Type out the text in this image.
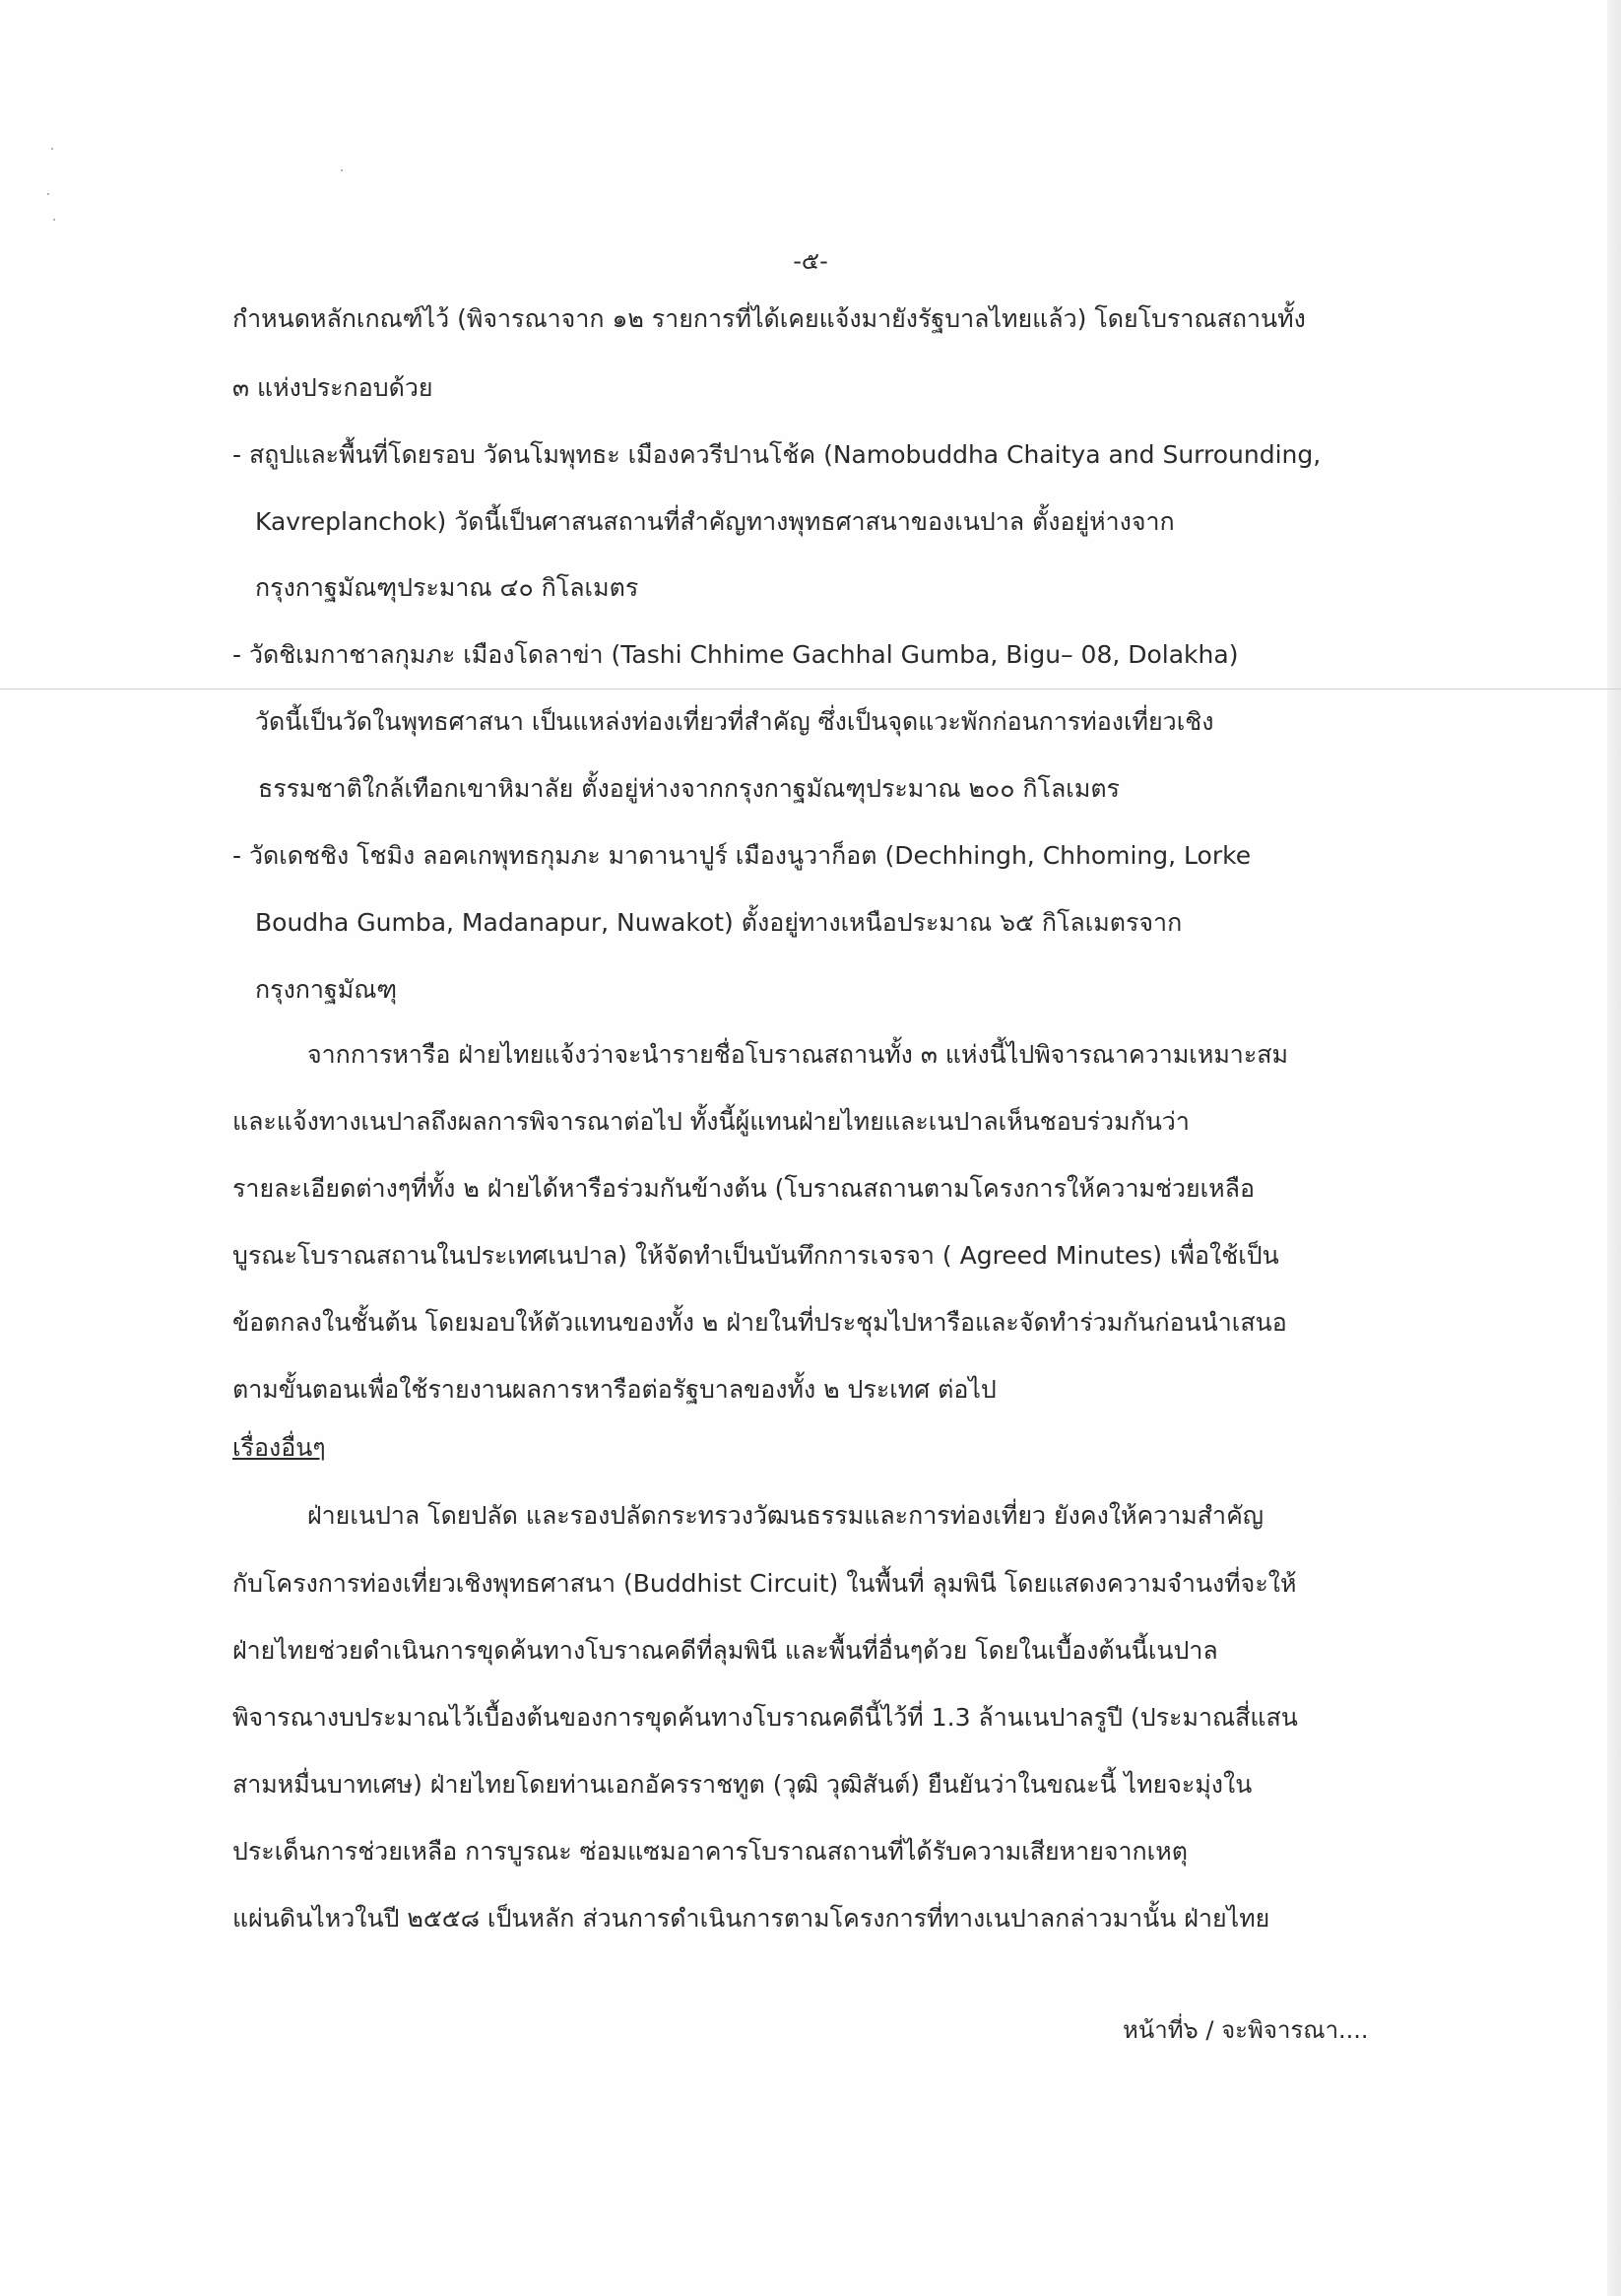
-๕-
กำหนดหลักเกณฑ์ไว้ (พิจารณาจาก ๑๒ รายการที่ได้เคยแจ้งมายังรัฐบาลไทยแล้ว) โดยโบราณสถานทั้ง
๓ แห่งประกอบด้วย
- สถูปและพื้นที่โดยรอบ วัดนโมพุทธะ เมืองควรีปานโช้ค (Namobuddha Chaitya and Surrounding,
Kavreplanchok) วัดนี้เป็นศาสนสถานที่สำคัญทางพุทธศาสนาของเนปาล ตั้งอยู่ห่างจาก
กรุงกาฐมัณฑุประมาณ ๔๐ กิโลเมตร
- วัดชิเมกาชาลกุมภะ เมืองโดลาข่า (Tashi Chhime Gachhal Gumba, Bigu– 08, Dolakha)
วัดนี้เป็นวัดในพุทธศาสนา เป็นแหล่งท่องเที่ยวที่สำคัญ ซึ่งเป็นจุดแวะพักก่อนการท่องเที่ยวเชิง
ธรรมชาติใกล้เทือกเขาหิมาลัย ตั้งอยู่ห่างจากกรุงกาฐมัณฑุประมาณ ๒๐๐ กิโลเมตร
- วัดเดชชิง โชมิง ลอคเกพุทธกุมภะ มาดานาปูร์ เมืองนูวาก็อต (Dechhingh, Chhoming, Lorke
Boudha Gumba, Madanapur, Nuwakot) ตั้งอยู่ทางเหนือประมาณ ๖๕ กิโลเมตรจาก
กรุงกาฐมัณฑุ
จากการหารือ ฝ่ายไทยแจ้งว่าจะนำรายชื่อโบราณสถานทั้ง ๓ แห่งนี้ไปพิจารณาความเหมาะสม
และแจ้งทางเนปาลถึงผลการพิจารณาต่อไป ทั้งนี้ผู้แทนฝ่ายไทยและเนปาลเห็นชอบร่วมกันว่า
รายละเอียดต่างๆที่ทั้ง ๒ ฝ่ายได้หารือร่วมกันข้างต้น (โบราณสถานตามโครงการให้ความช่วยเหลือ
บูรณะโบราณสถานในประเทศเนปาล) ให้จัดทำเป็นบันทึกการเจรจา ( Agreed Minutes) เพื่อใช้เป็น
ข้อตกลงในชั้นต้น โดยมอบให้ตัวแทนของทั้ง ๒ ฝ่ายในที่ประชุมไปหารือและจัดทำร่วมกันก่อนนำเสนอ
ตามขั้นตอนเพื่อใช้รายงานผลการหารือต่อรัฐบาลของทั้ง ๒ ประเทศ ต่อไป
เรื่องอื่นๆ
ฝ่ายเนปาล โดยปลัด และรองปลัดกระทรวงวัฒนธรรมและการท่องเที่ยว ยังคงให้ความสำคัญ
กับโครงการท่องเที่ยวเชิงพุทธศาสนา (Buddhist Circuit) ในพื้นที่ ลุมพินี โดยแสดงความจำนงที่จะให้
ฝ่ายไทยช่วยดำเนินการขุดค้นทางโบราณคดีที่ลุมพินี และพื้นที่อื่นๆด้วย โดยในเบื้องต้นนี้เนปาล
พิจารณางบประมาณไว้เบื้องต้นของการขุดค้นทางโบราณคดีนี้ไว้ที่ 1.3 ล้านเนปาลรูปี (ประมาณสี่แสน
สามหมื่นบาทเศษ) ฝ่ายไทยโดยท่านเอกอัครราชทูต (วุฒิ วุฒิสันต์) ยืนยันว่าในขณะนี้ ไทยจะมุ่งใน
ประเด็นการช่วยเหลือ การบูรณะ ซ่อมแซมอาคารโบราณสถานที่ได้รับความเสียหายจากเหตุ
แผ่นดินไหวในปี ๒๕๕๘ เป็นหลัก ส่วนการดำเนินการตามโครงการที่ทางเนปาลกล่าวมานั้น ฝ่ายไทย
หน้าที่๖ / จะพิจารณา....
